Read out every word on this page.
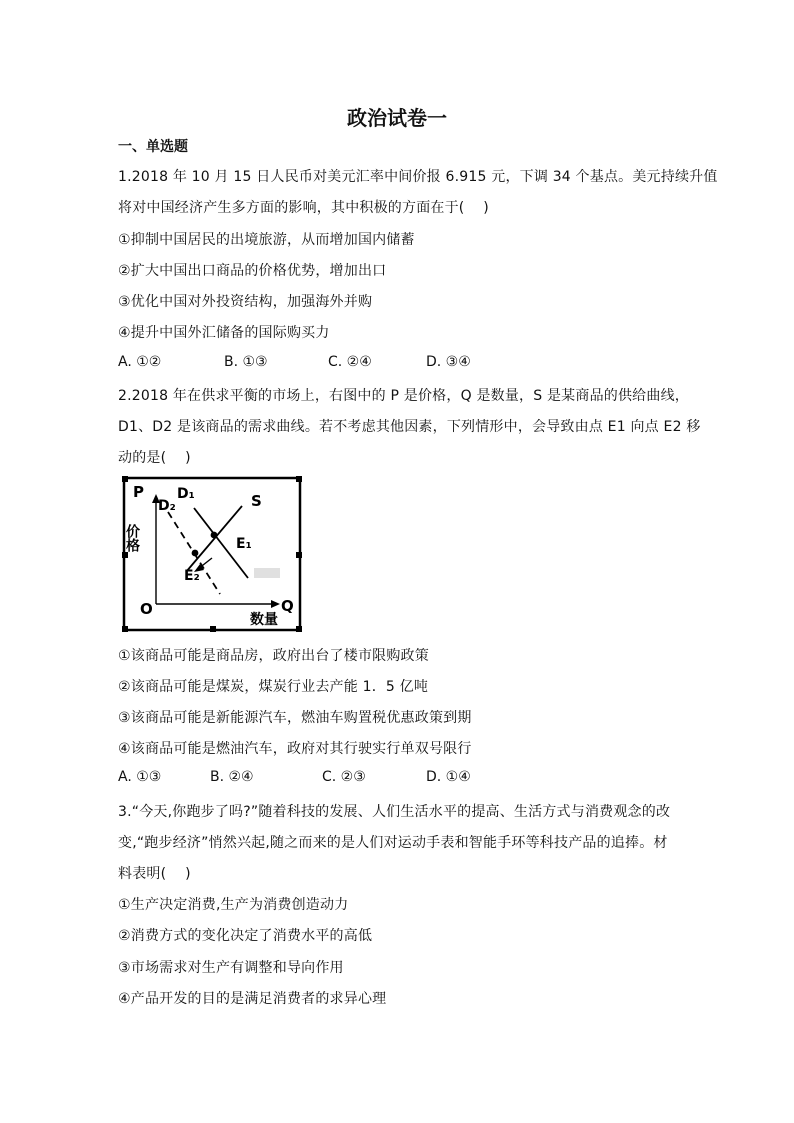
政治试卷一
一、单选题
1.2018 年 10 月 15 日人民币对美元汇率中间价报 6.915 元，下调 34 个基点。美元持续升值
将对中国经济产生多方面的影响，其中积极的方面在于(　 )
①抑制中国居民的出境旅游，从而增加国内储蓄
②扩大中国出口商品的价格优势，增加出口
③优化中国对外投资结构，加强海外并购
④提升中国外汇储备的国际购买力
A. ①②	B. ①③	C. ②④	D. ③④
2.2018 年在供求平衡的市场上，右图中的 P 是价格，Q 是数量，S 是某商品的供给曲线，
D1、D2 是该商品的需求曲线。若不考虑其他因素，下列情形中，会导致由点 E1 向点 E2 移
动的是(　 )
P
价格
Q
数量
O
S
D₁
D₂
E₁
E₂
①该商品可能是商品房，政府出台了楼市限购政策
②该商品可能是煤炭，煤炭行业去产能 1．5 亿吨
③该商品可能是新能源汽车，燃油车购置税优惠政策到期
④该商品可能是燃油汽车，政府对其行驶实行单双号限行
A. ①③	B. ②④	C. ②③	D. ①④
3.“今天,你跑步了吗?”随着科技的发展、人们生活水平的提高、生活方式与消费观念的改
变,“跑步经济”悄然兴起,随之而来的是人们对运动手表和智能手环等科技产品的追捧。材
料表明(　 )
①生产决定消费,生产为消费创造动力
②消费方式的变化决定了消费水平的高低
③市场需求对生产有调整和导向作用
④产品开发的目的是满足消费者的求异心理
